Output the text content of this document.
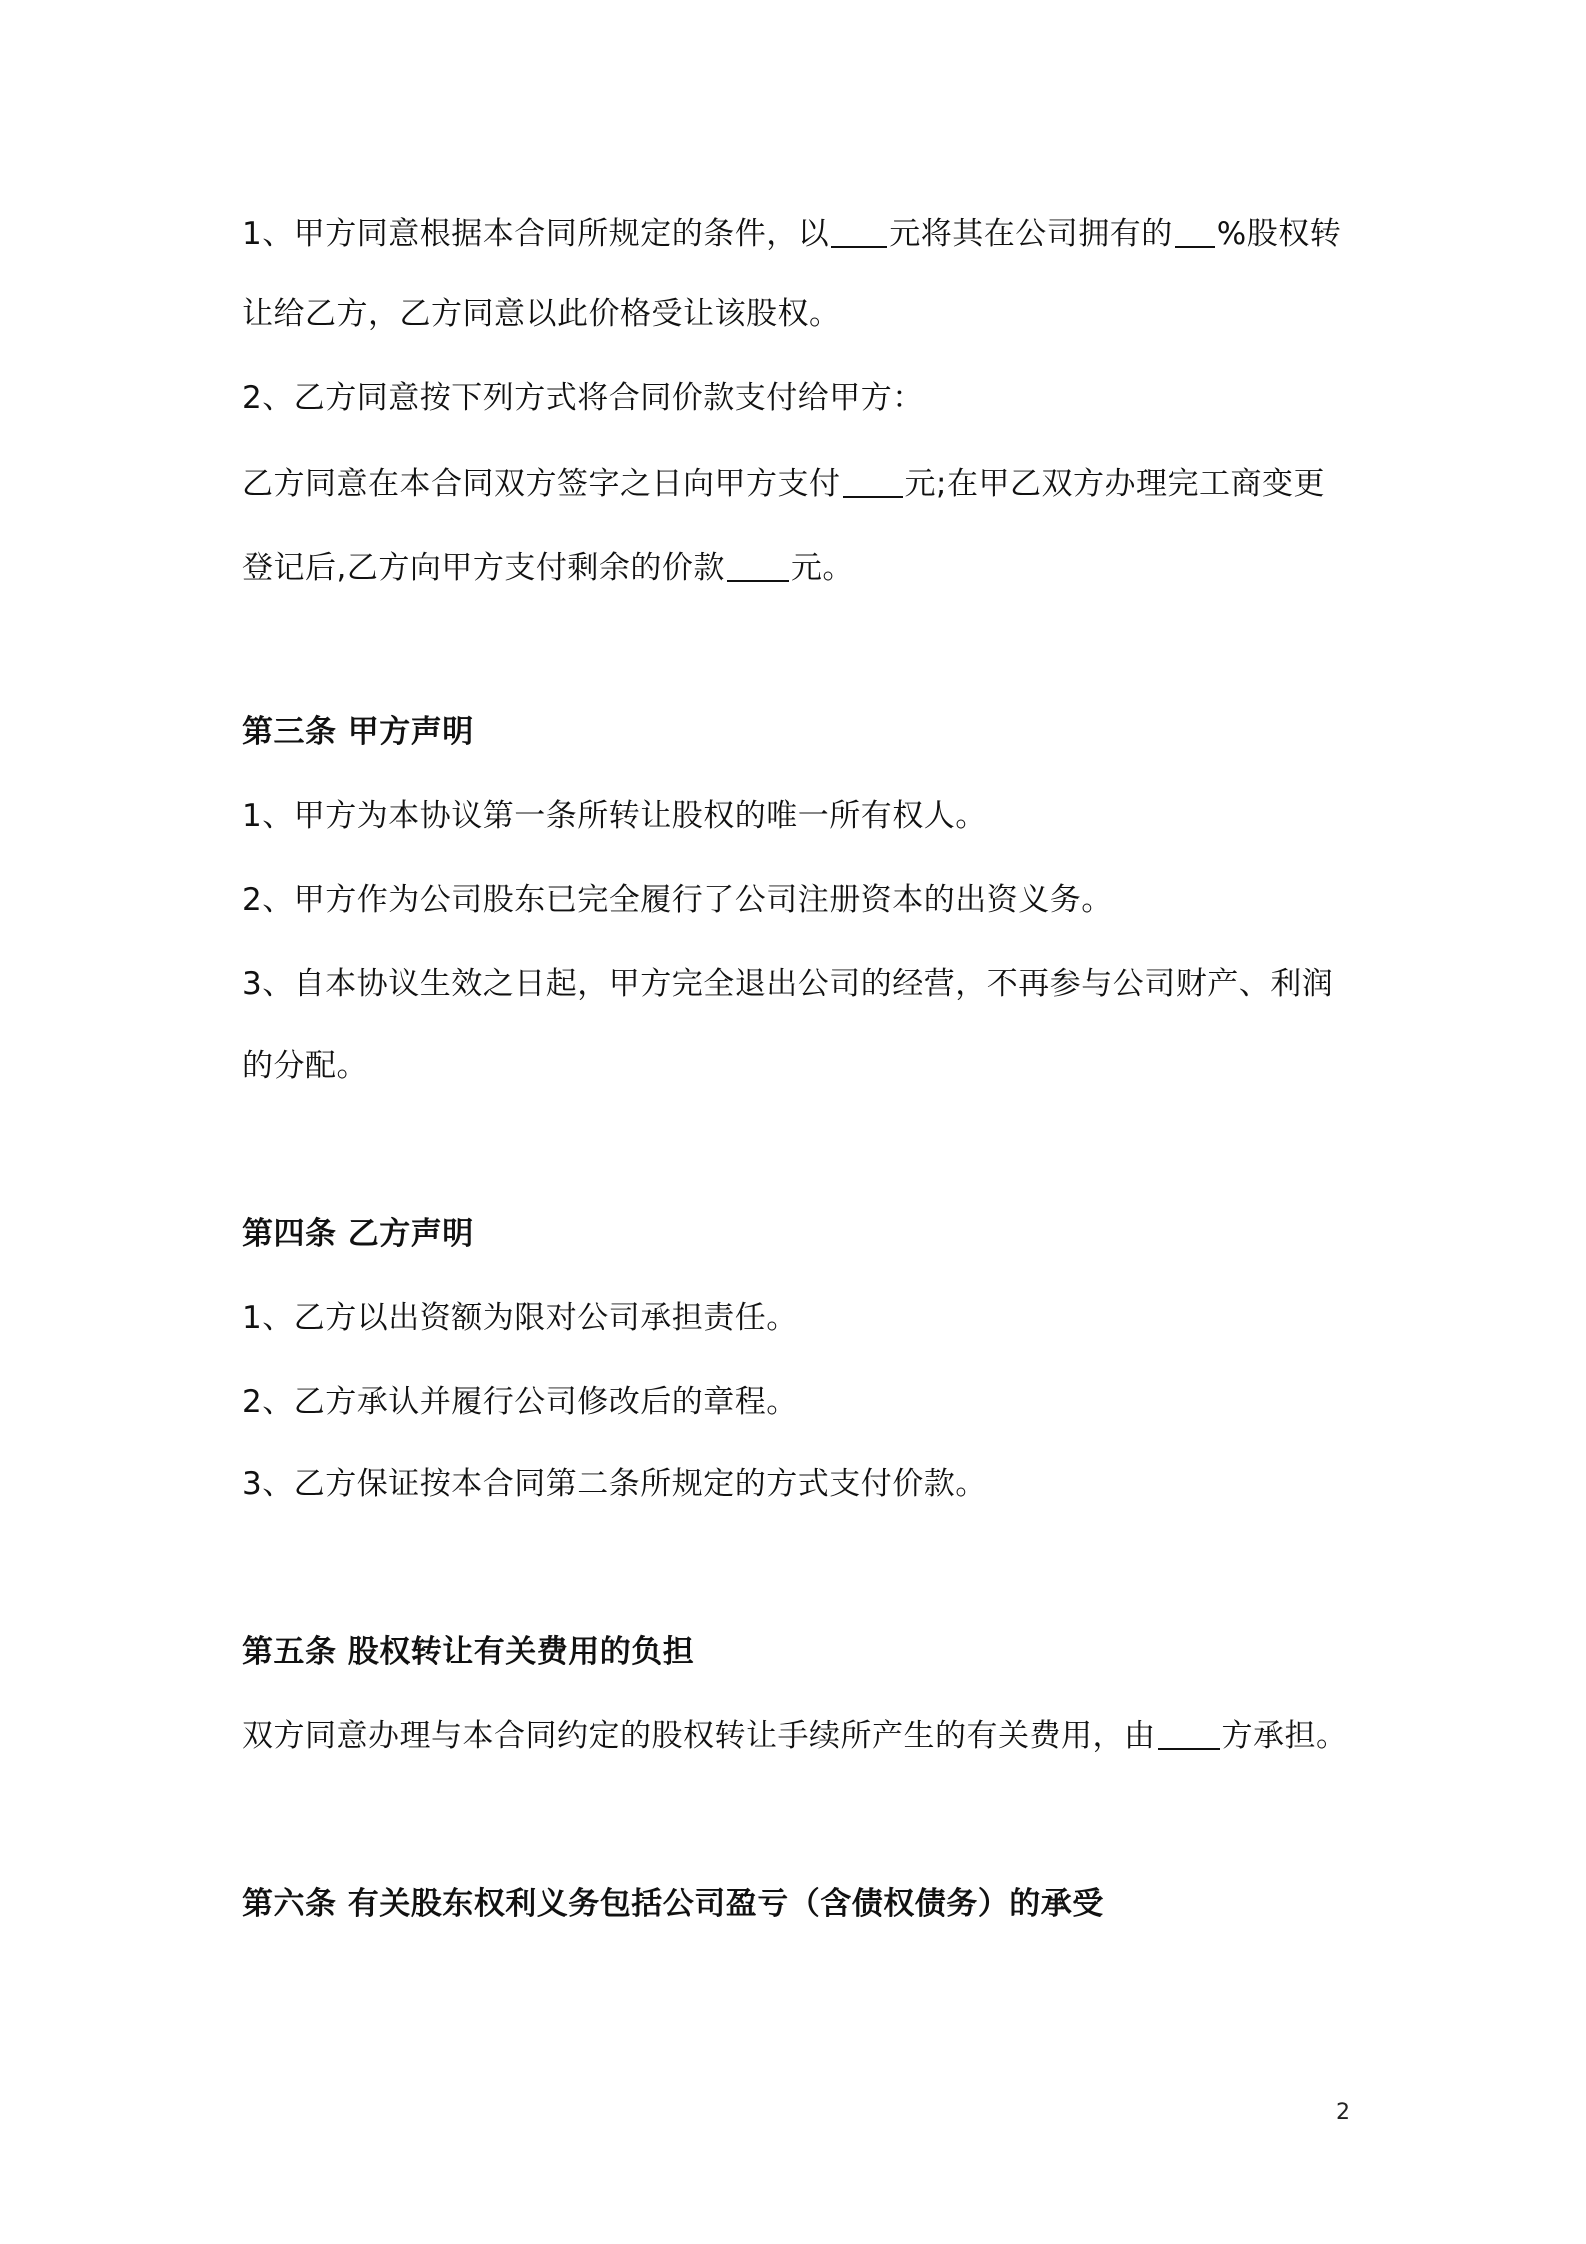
1、甲方同意根据本合同所规定的条件，以 元将其在公司拥有的 %股权转
让给乙方，乙方同意以此价格受让该股权。
2、乙方同意按下列方式将合同价款支付给甲方：
乙方同意在本合同双方签字之日向甲方支付 元;在甲乙双方办理完工商变更
登记后,乙方向甲方支付剩余的价款 元。
第三条 甲方声明
1、甲方为本协议第一条所转让股权的唯一所有权人。
2、甲方作为公司股东已完全履行了公司注册资本的出资义务。
3、自本协议生效之日起，甲方完全退出公司的经营，不再参与公司财产、利润
的分配。
第四条 乙方声明
1、乙方以出资额为限对公司承担责任。
2、乙方承认并履行公司修改后的章程。
3、乙方保证按本合同第二条所规定的方式支付价款。
第五条 股权转让有关费用的负担
双方同意办理与本合同约定的股权转让手续所产生的有关费用，由 方承担。
第六条 有关股东权利义务包括公司盈亏（含债权债务）的承受
2
